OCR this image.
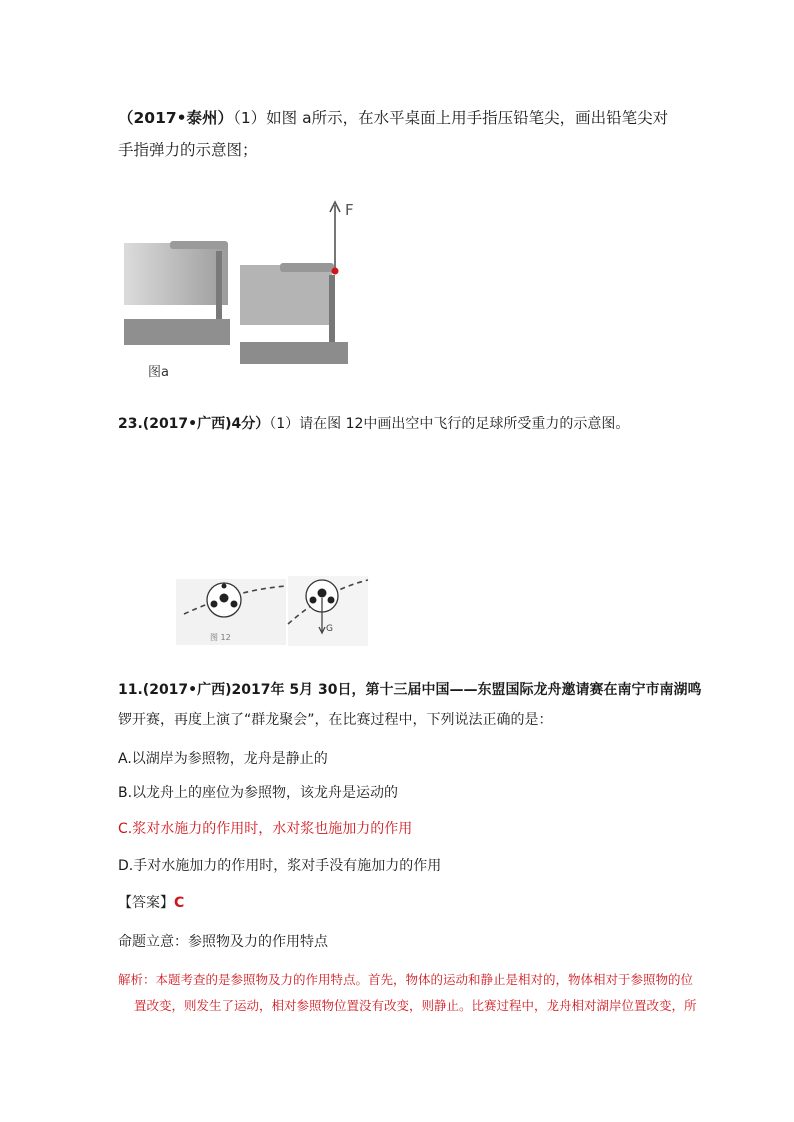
（2017•泰州）（1）如图 a所示，在水平桌面上用手指压铅笔尖，画出铅笔尖对
手指弹力的示意图；
F
图a
23.(2017•广西)4分）（1）请在图 12中画出空中飞行的足球所受重力的示意图。
G
图 12
11.(2017•广西)2017年 5月 30日，第十三届中国——东盟国际龙舟邀请赛在南宁市南湖鸣
锣开赛，再度上演了“群龙聚会”，在比赛过程中，下列说法正确的是：
A.以湖岸为参照物，龙舟是静止的
B.以龙舟上的座位为参照物，该龙舟是运动的
C.浆对水施力的作用时，水对浆也施加力的作用
D.手对水施加力的作用时，浆对手没有施加力的作用
【答案】C
命题立意：参照物及力的作用特点
解析：本题考查的是参照物及力的作用特点。首先，物体的运动和静止是相对的，物体相对于参照物的位
置改变，则发生了运动，相对参照物位置没有改变，则静止。比赛过程中，龙舟相对湖岸位置改变，所
